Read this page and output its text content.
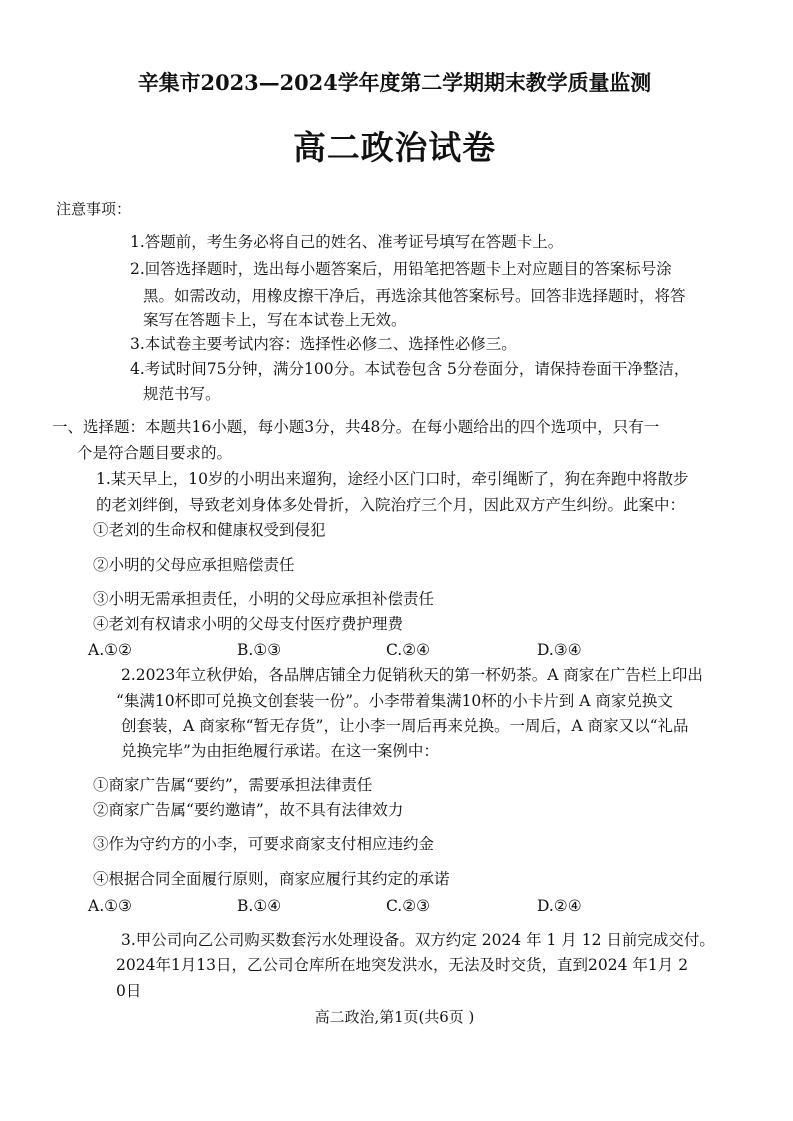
辛集市2023—2024学年度第二学期期末教学质量监测
高二政治试卷
注意事项：
1.答题前，考生务必将自己的姓名、准考证号填写在答题卡上。
2.回答选择题时，选出每小题答案后，用铅笔把答题卡上对应题目的答案标号涂
黑。如需改动，用橡皮擦干净后，再选涂其他答案标号。回答非选择题时，将答
案写在答题卡上，写在本试卷上无效。
3.本试卷主要考试内容：选择性必修二、选择性必修三。
4.考试时间75分钟，满分100分。本试卷包含 5分卷面分，请保持卷面干净整洁，
规范书写。
一、选择题：本题共16小题，每小题3分，共48分。在每小题给出的四个选项中，只有一
个是符合题目要求的。
1.某天早上，10岁的小明出来遛狗，途经小区门口时，牵引绳断了，狗在奔跑中将散步
的老刘绊倒，导致老刘身体多处骨折，入院治疗三个月，因此双方产生纠纷。此案中：
①老刘的生命权和健康权受到侵犯
②小明的父母应承担赔偿责任
③小明无需承担责任，小明的父母应承担补偿责任
④老刘有权请求小明的父母支付医疗费护理费
A.①②	B.①③	C.②④	D.③④
2.2023年立秋伊始，各品牌店铺全力促销秋天的第一杯奶茶。A 商家在广告栏上印出
“集满10杯即可兑换文创套装一份”。小李带着集满10杯的小卡片到 A 商家兑换文
创套装，A 商家称“暂无存货”，让小李一周后再来兑换。一周后，A 商家又以“礼品
兑换完毕”为由拒绝履行承诺。在这一案例中：
①商家广告属“要约”，需要承担法律责任
②商家广告属“要约邀请”，故不具有法律效力
③作为守约方的小李，可要求商家支付相应违约金
④根据合同全面履行原则，商家应履行其约定的承诺
A.①③	B.①④	C.②③	D.②④
3.甲公司向乙公司购买数套污水处理设备。双方约定 2024 年 1 月 12 日前完成交付。
2024年1月13日，乙公司仓库所在地突发洪水，无法及时交货，直到2024 年1月 2
0日
高二政治,第1页(共6页 )
